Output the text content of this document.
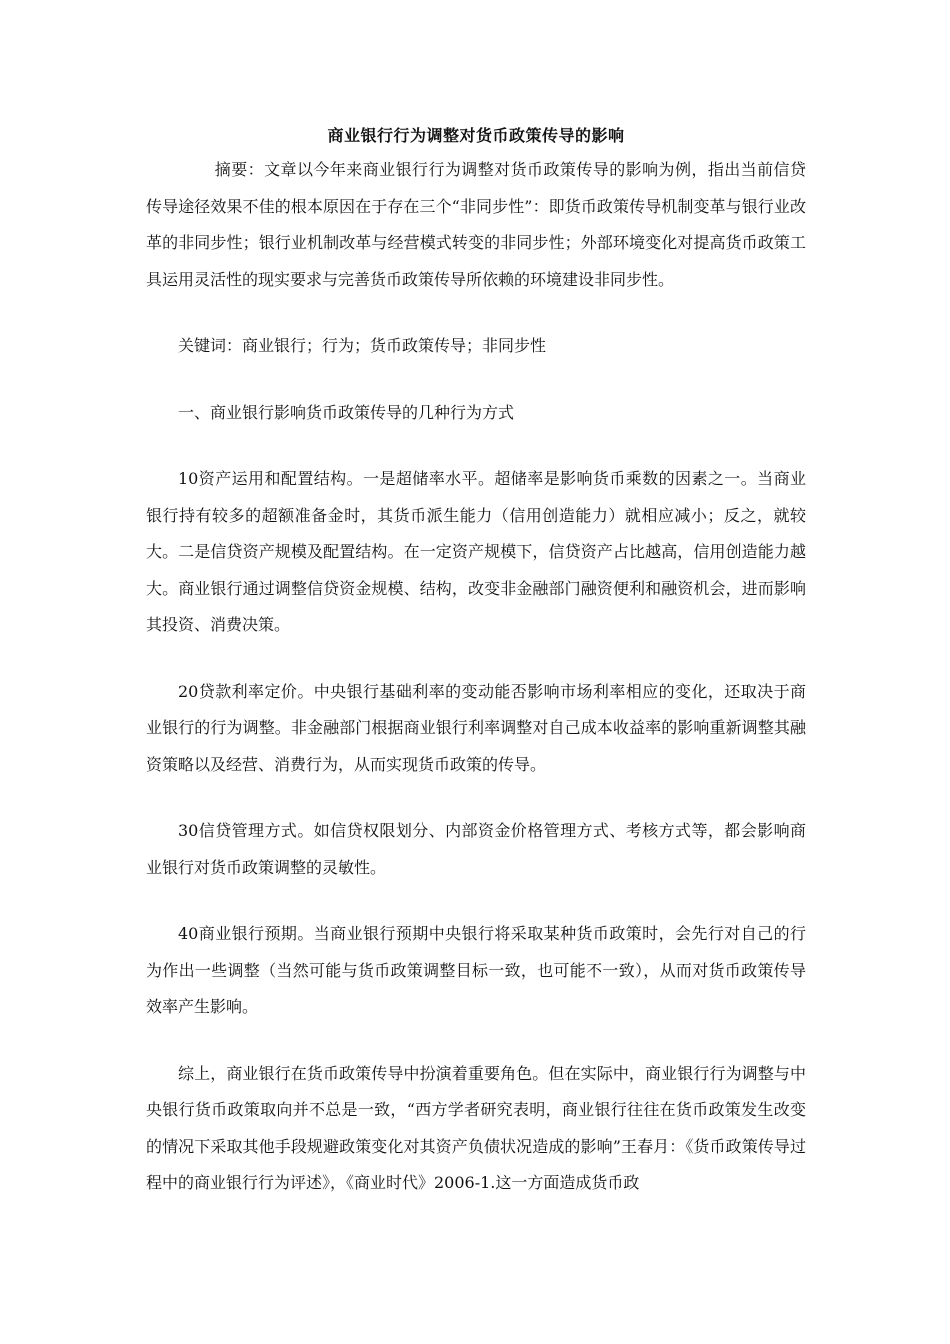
商业银行行为调整对货币政策传导的影响

摘要：文章以今年来商业银行行为调整对货币政策传导的影响为例，指出当前信贷传导途径效果不佳的根本原因在于存在三个“非同步性”：即货币政策传导机制变革与银行业改革的非同步性；银行业机制改革与经营模式转变的非同步性；外部环境变化对提高货币政策工具运用灵活性的现实要求与完善货币政策传导所依赖的环境建设非同步性。

关键词：商业银行；行为；货币政策传导；非同步性

一、商业银行影响货币政策传导的几种行为方式

10资产运用和配置结构。一是超储率水平。超储率是影响货币乘数的因素之一。当商业银行持有较多的超额准备金时，其货币派生能力（信用创造能力）就相应减小；反之，就较大。二是信贷资产规模及配置结构。在一定资产规模下，信贷资产占比越高，信用创造能力越大。商业银行通过调整信贷资金规模、结构，改变非金融部门融资便利和融资机会，进而影响其投资、消费决策。

20贷款利率定价。中央银行基础利率的变动能否影响市场利率相应的变化，还取决于商业银行的行为调整。非金融部门根据商业银行利率调整对自己成本收益率的影响重新调整其融资策略以及经营、消费行为，从而实现货币政策的传导。

30信贷管理方式。如信贷权限划分、内部资金价格管理方式、考核方式等，都会影响商业银行对货币政策调整的灵敏性。

40商业银行预期。当商业银行预期中央银行将采取某种货币政策时，会先行对自己的行为作出一些调整（当然可能与货币政策调整目标一致，也可能不一致），从而对货币政策传导效率产生影响。

综上，商业银行在货币政策传导中扮演着重要角色。但在实际中，商业银行行为调整与中央银行货币政策取向并不总是一致，“西方学者研究表明，商业银行往往在货币政策发生改变的情况下采取其他手段规避政策变化对其资产负债状况造成的影响”王春月：《货币政策传导过程中的商业银行行为评述》，《商业时代》2006-1.这一方面造成货币政
